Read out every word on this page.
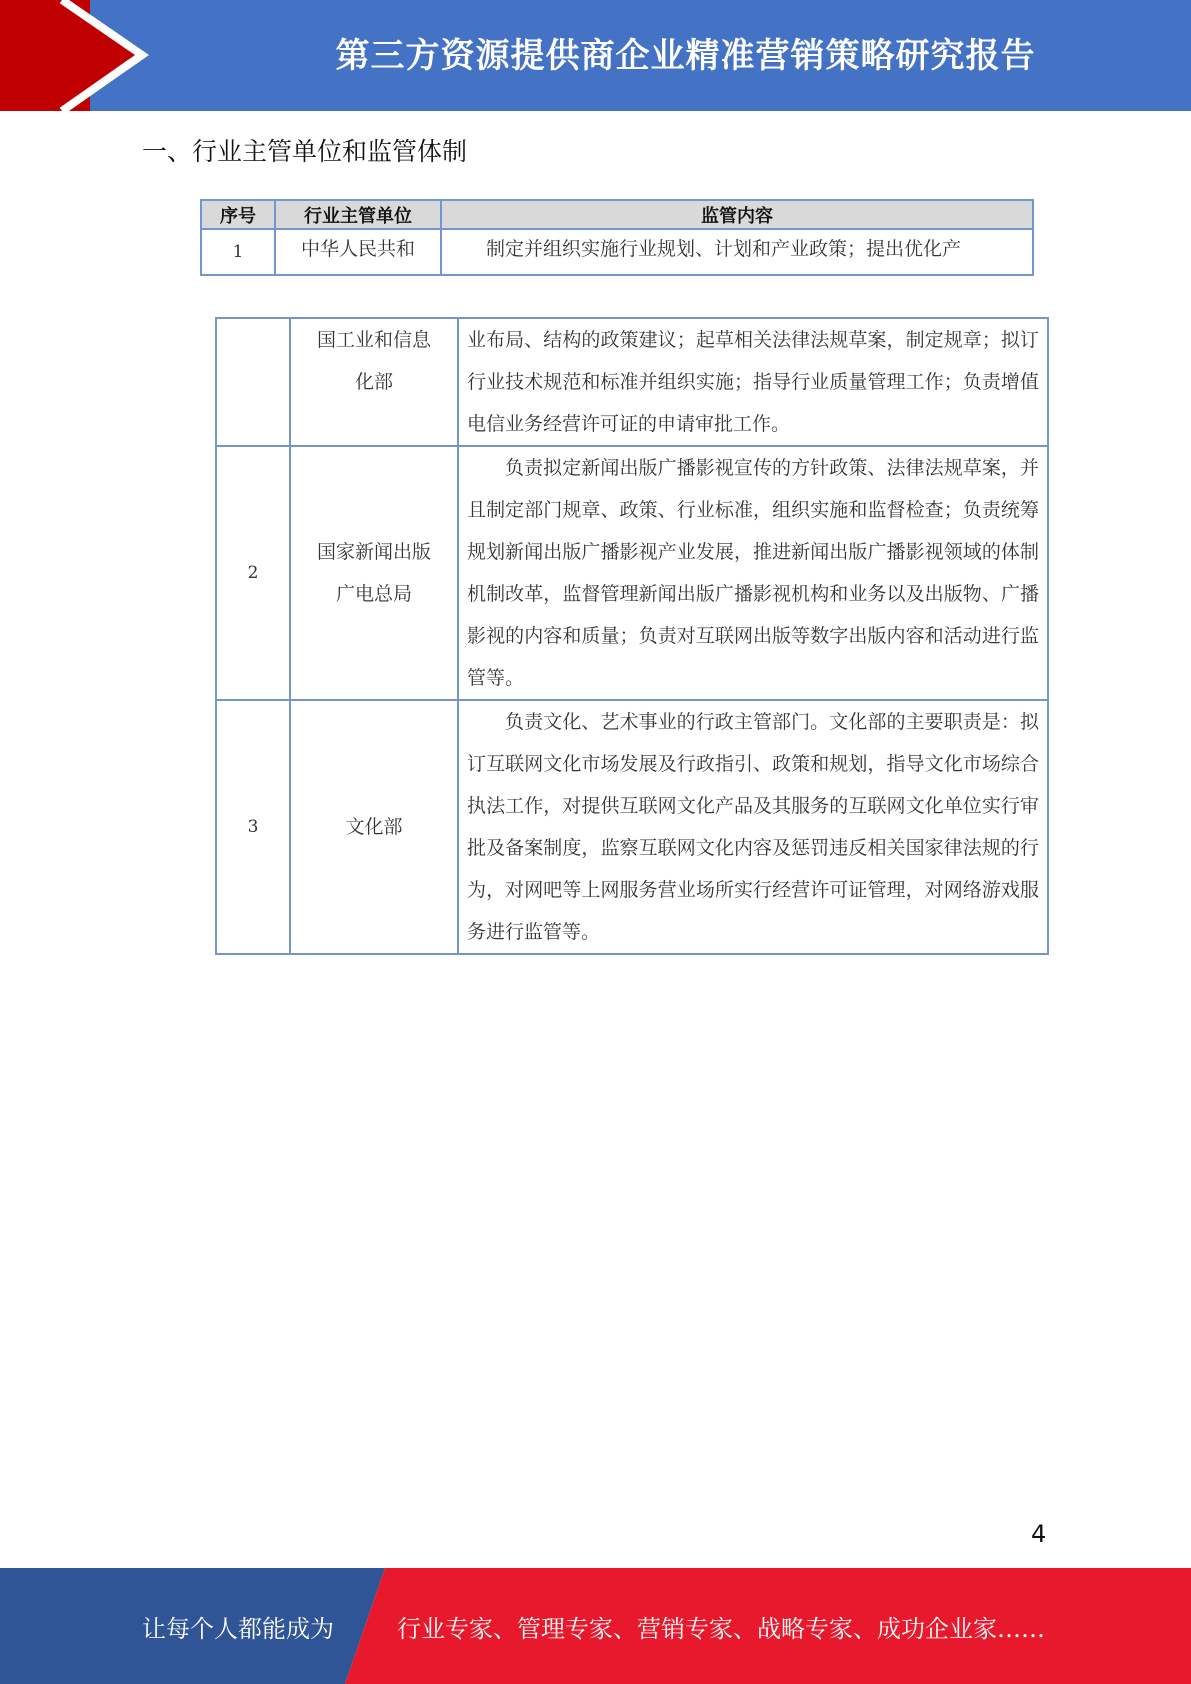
第三方资源提供商企业精准营销策略研究报告
一、行业主管单位和监管体制
序号	行业主管单位	监管内容
1	中华人民共和	制定并组织实施行业规划、计划和产业政策；提出优化产

	国工业和信息
化部	业布局、结构的政策建议；起草相关法律法规草案，制定规章；拟订行业技术规范和标准并组织实施；指导行业质量管理工作；负责增值电信业务经营许可证的申请审批工作。
2	国家新闻出版
广电总局	负责拟定新闻出版广播影视宣传的方针政策、法律法规草案，并且制定部门规章、政策、行业标准，组织实施和监督检查；负责统筹规划新闻出版广播影视产业发展，推进新闻出版广播影视领域的体制机制改革，监督管理新闻出版广播影视机构和业务以及出版物、广播影视的内容和质量；负责对互联网出版等数字出版内容和活动进行监管等。

3	文化部	负责文化、艺术事业的行政主管部门。文化部的主要职责是：拟订互联网文化市场发展及行政指引、政策和规划，指导文化市场综合执法工作，对提供互联网文化产品及其服务的互联网文化单位实行审批及备案制度，监察互联网文化内容及惩罚违反相关国家律法规的行为，对网吧等上网服务营业场所实行经营许可证管理，对网络游戏服务进行监管等。
4
让每个人都能成为	行业专家、管理专家、营销专家、战略专家、成功企业家……
